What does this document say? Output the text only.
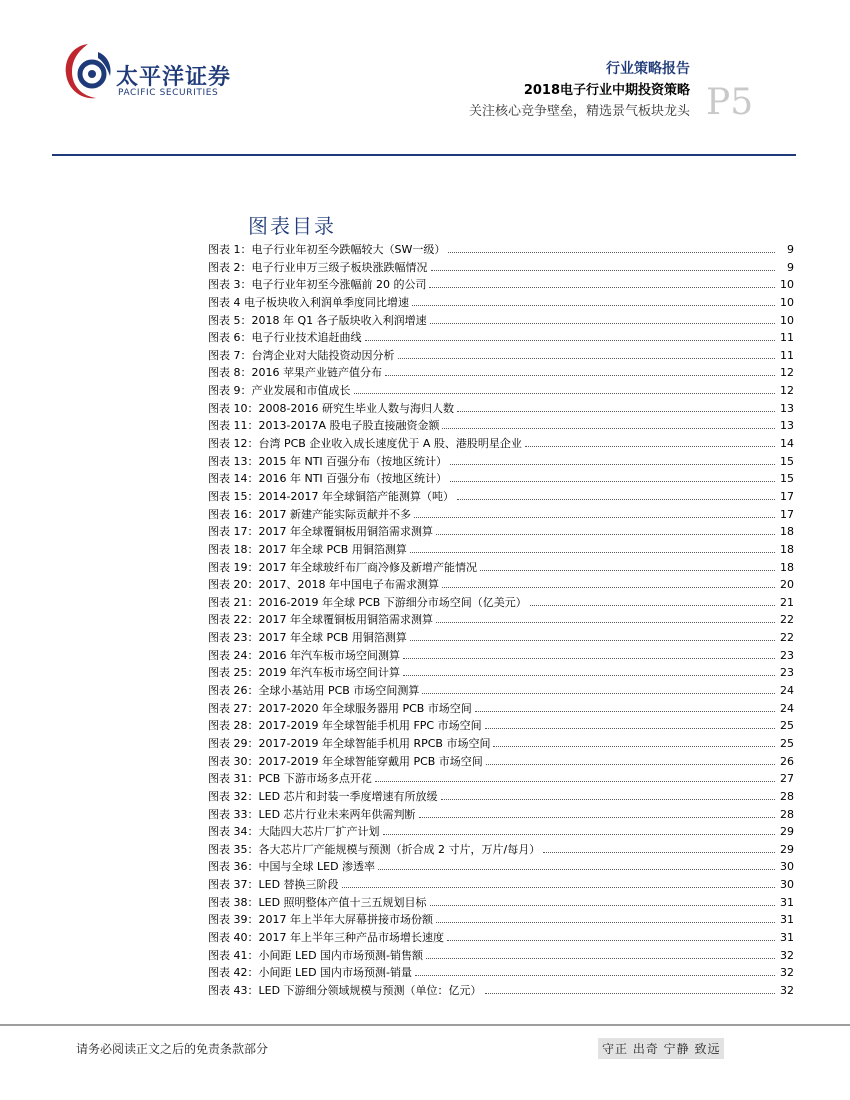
太平洋证券
PACIFIC SECURITIES
行业策略报告
2018电子行业中期投资策略
关注核心竞争壁垒，精选景气板块龙头 P5
图表目录
图表 1：电子行业年初至今跌幅较大（SW一级）	9
图表 2：电子行业申万三级子板块涨跌幅情况	9
图表 3：电子行业年初至今涨幅前 20 的公司	10
图表 4 电子板块收入利润单季度同比增速	10
图表 5：2018 年 Q1 各子版块收入利润增速	10
图表 6：电子行业技术追赶曲线	11
图表 7：台湾企业对大陆投资动因分析	11
图表 8：2016 苹果产业链产值分布	12
图表 9：产业发展和市值成长	12
图表 10：2008-2016 研究生毕业人数与海归人数	13
图表 11：2013-2017A 股电子股直接融资金额	13
图表 12：台湾 PCB 企业收入成长速度优于 A 股、港股明星企业	14
图表 13：2015 年 NTI 百强分布（按地区统计）	15
图表 14：2016 年 NTI 百强分布（按地区统计）	15
图表 15：2014-2017 年全球铜箔产能测算（吨）	17
图表 16：2017 新建产能实际贡献并不多	17
图表 17：2017 年全球覆铜板用铜箔需求测算	18
图表 18：2017 年全球 PCB 用铜箔测算	18
图表 19：2017 年全球玻纤布厂商冷修及新增产能情况	18
图表 20：2017、2018 年中国电子布需求测算	20
图表 21：2016-2019 年全球 PCB 下游细分市场空间（亿美元）	21
图表 22：2017 年全球覆铜板用铜箔需求测算	22
图表 23：2017 年全球 PCB 用铜箔测算	22
图表 24：2016 年汽车板市场空间测算	23
图表 25：2019 年汽车板市场空间计算	23
图表 26：全球小基站用 PCB 市场空间测算	24
图表 27：2017-2020 年全球服务器用 PCB 市场空间	24
图表 28：2017-2019 年全球智能手机用 FPC 市场空间	25
图表 29：2017-2019 年全球智能手机用 RPCB 市场空间	25
图表 30：2017-2019 年全球智能穿戴用 PCB 市场空间	26
图表 31：PCB 下游市场多点开花	27
图表 32：LED 芯片和封装一季度增速有所放缓	28
图表 33：LED 芯片行业未来两年供需判断	28
图表 34：大陆四大芯片厂扩产计划	29
图表 35：各大芯片厂产能规模与预测（折合成 2 寸片，万片/每月）	29
图表 36：中国与全球 LED 渗透率	30
图表 37：LED 替换三阶段	30
图表 38：LED 照明整体产值十三五规划目标	31
图表 39：2017 年上半年大屏幕拼接市场份额	31
图表 40：2017 年上半年三种产品市场增长速度	31
图表 41：小间距 LED 国内市场预测-销售额	32
图表 42：小间距 LED 国内市场预测-销量	32
图表 43：LED 下游细分领域规模与预测（单位：亿元）	32
请务必阅读正文之后的免责条款部分	守正 出奇 宁静 致远
